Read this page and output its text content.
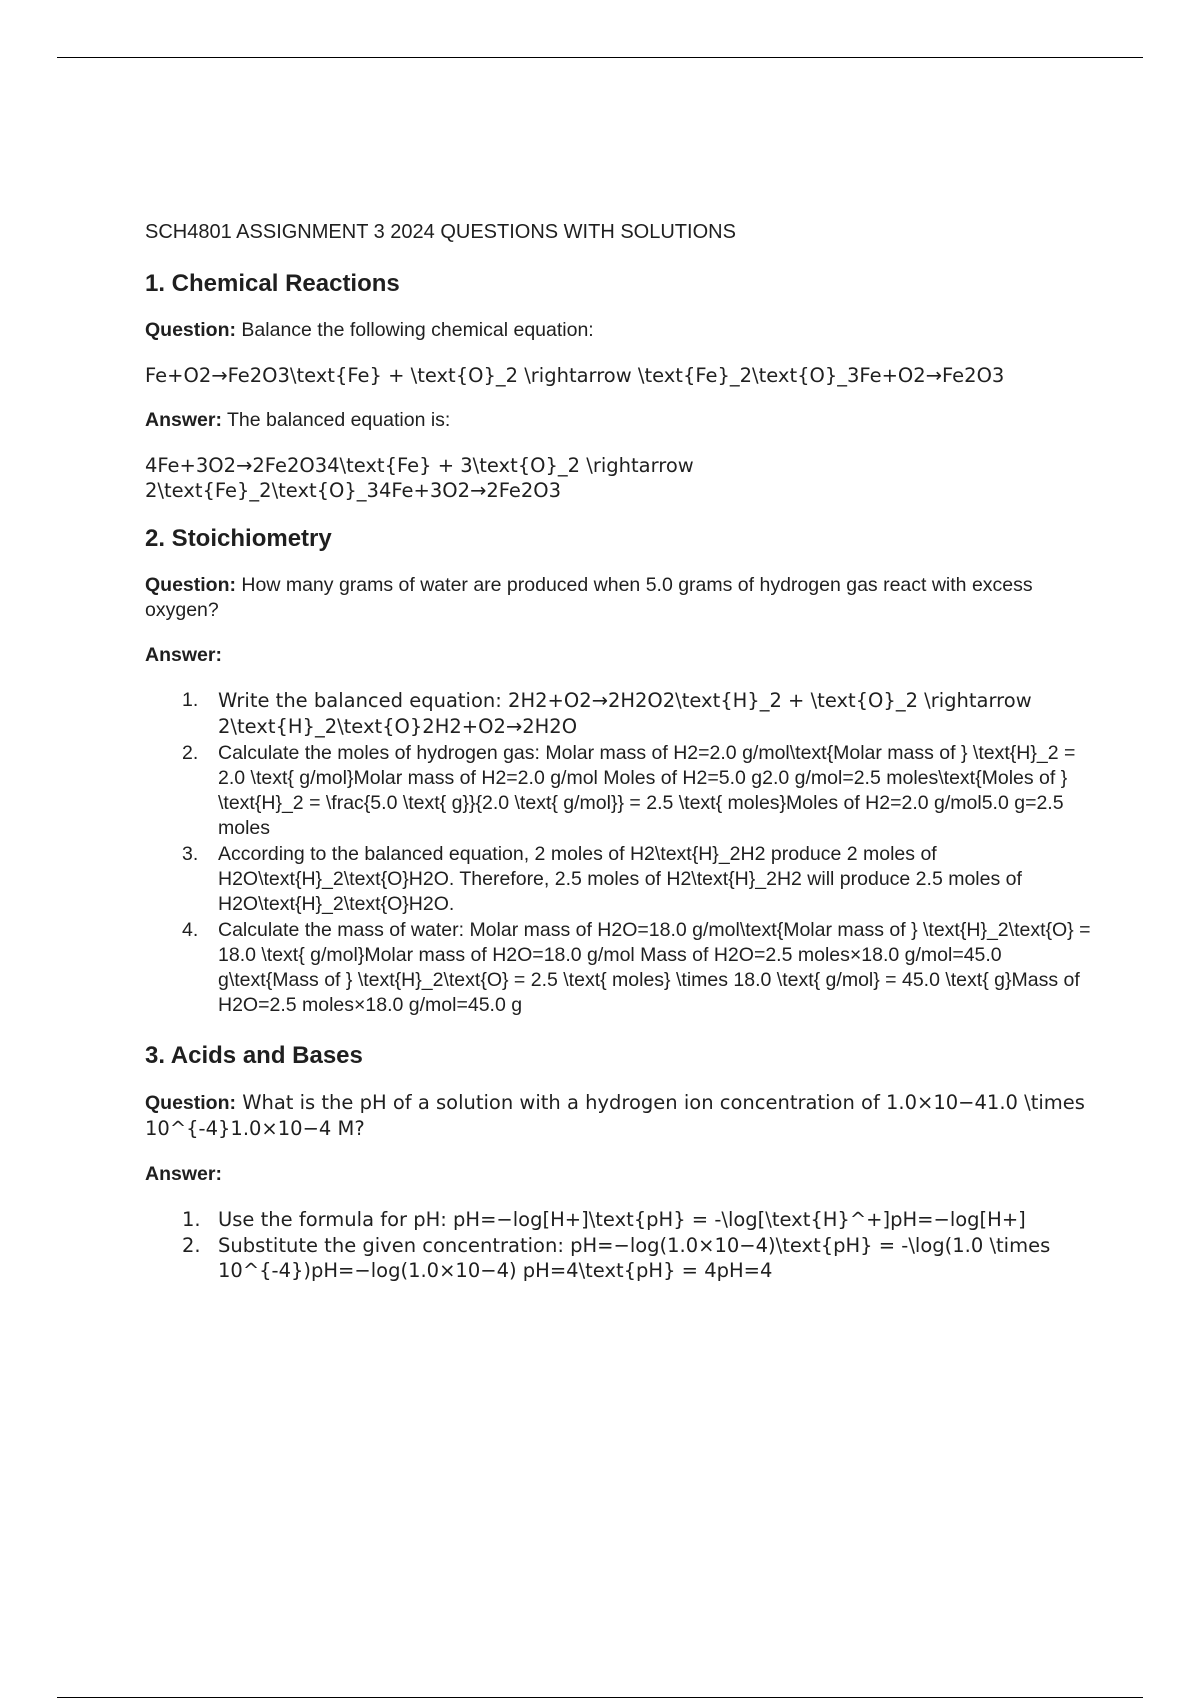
SCH4801 ASSIGNMENT 3 2024 QUESTIONS WITH SOLUTIONS
1. Chemical Reactions
Question: Balance the following chemical equation:
Fe+O2→Fe2O3\text{Fe} + \text{O}_2 \rightarrow \text{Fe}_2\text{O}_3Fe+O2→Fe2O3
Answer: The balanced equation is:
4Fe+3O2→2Fe2O34\text{Fe} + 3\text{O}_2 \rightarrow 2\text{Fe}_2\text{O}_34Fe+3O2→2Fe2O3
2. Stoichiometry
Question: How many grams of water are produced when 5.0 grams of hydrogen gas react with excess oxygen?
Answer:
1. Write the balanced equation: 2H2+O2→2H2O2\text{H}_2 + \text{O}_2 \rightarrow 2\text{H}_2\text{O}2H2+O2→2H2O
2. Calculate the moles of hydrogen gas: Molar mass of H2=2.0 g/mol\text{Molar mass of } \text{H}_2 = 2.0 \text{ g/mol}Molar mass of H2=2.0 g/mol Moles of H2=5.0 g2.0 g/mol=2.5 moles\text{Moles of } \text{H}_2 = \frac{5.0 \text{ g}}{2.0 \text{ g/mol}} = 2.5 \text{ moles}Moles of H2=2.0 g/mol5.0 g=2.5 moles
3. According to the balanced equation, 2 moles of H2\text{H}_2H2 produce 2 moles of H2O\text{H}_2\text{O}H2O. Therefore, 2.5 moles of H2\text{H}_2H2 will produce 2.5 moles of H2O\text{H}_2\text{O}H2O.
4. Calculate the mass of water: Molar mass of H2O=18.0 g/mol\text{Molar mass of } \text{H}_2\text{O} = 18.0 \text{ g/mol}Molar mass of H2O=18.0 g/mol Mass of H2O=2.5 moles×18.0 g/mol=45.0 g\text{Mass of } \text{H}_2\text{O} = 2.5 \text{ moles} \times 18.0 \text{ g/mol} = 45.0 \text{ g}Mass of H2O=2.5 moles×18.0 g/mol=45.0 g
3. Acids and Bases
Question: What is the pH of a solution with a hydrogen ion concentration of 1.0×10−41.0 \times 10^{-4}1.0×10−4 M?
Answer:
1. Use the formula for pH: pH=−log[H+]\text{pH} = -\log[\text{H}^+]pH=−log[H+]
2. Substitute the given concentration: pH=−log(1.0×10−4)\text{pH} = -\log(1.0 \times 10^{-4})pH=−log(1.0×10−4) pH=4\text{pH} = 4pH=4
